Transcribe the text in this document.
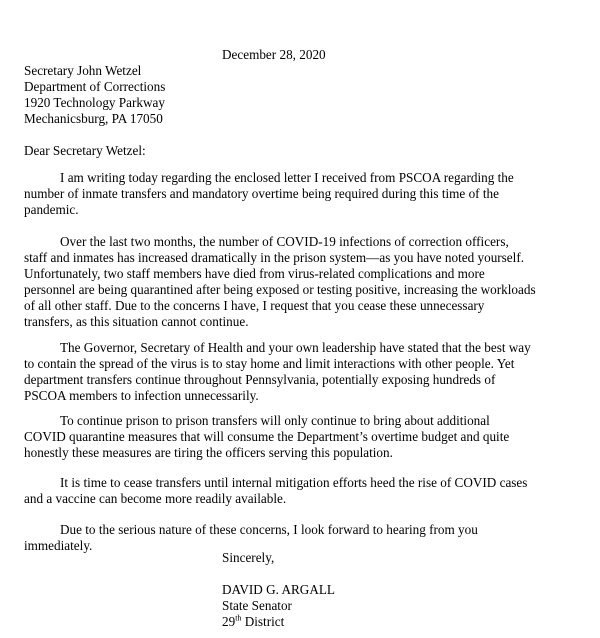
December 28, 2020

Secretary John Wetzel
Department of Corrections
1920 Technology Parkway
Mechanicsburg, PA 17050

Dear Secretary Wetzel:

I am writing today regarding the enclosed letter I received from PSCOA regarding the
number of inmate transfers and mandatory overtime being required during this time of the
pandemic.

Over the last two months, the number of COVID-19 infections of correction officers,
staff and inmates has increased dramatically in the prison system—as you have noted yourself.
Unfortunately, two staff members have died from virus-related complications and more
personnel are being quarantined after being exposed or testing positive, increasing the workloads
of all other staff. Due to the concerns I have, I request that you cease these unnecessary
transfers, as this situation cannot continue.

The Governor, Secretary of Health and your own leadership have stated that the best way
to contain the spread of the virus is to stay home and limit interactions with other people. Yet
department transfers continue throughout Pennsylvania, potentially exposing hundreds of
PSCOA members to infection unnecessarily.

To continue prison to prison transfers will only continue to bring about additional
COVID quarantine measures that will consume the Department’s overtime budget and quite
honestly these measures are tiring the officers serving this population.

It is time to cease transfers until internal mitigation efforts heed the rise of COVID cases
and a vaccine can become more readily available.

Due to the serious nature of these concerns, I look forward to hearing from you
immediately.

Sincerely,

DAVID G. ARGALL
State Senator
29th District
